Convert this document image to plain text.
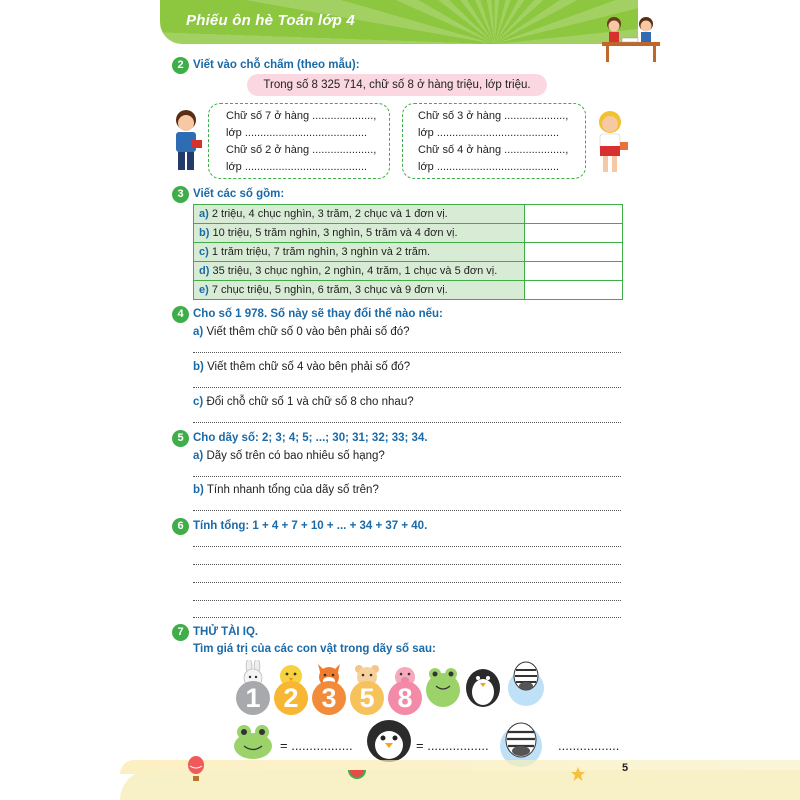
Phiếu ôn hè Toán lớp 4
2 Viết vào chỗ chấm (theo mẫu):
Trong số 8 325 714, chữ số 8 ở hàng triệu, lớp triệu.
Chữ số 7 ở hàng ....................,
lớp ........................................
Chữ số 2 ở hàng ....................,
lớp ........................................
Chữ số 3 ở hàng ....................,
lớp ........................................
Chữ số 4 ở hàng ....................,
lớp ........................................
3 Viết các số gồm:
a) 2 triệu, 4 chục nghìn, 3 trăm, 2 chục và 1 đơn vị.	
b) 10 triệu, 5 trăm nghìn, 3 nghìn, 5 trăm và 4 đơn vị.	
c) 1 trăm triệu, 7 trăm nghìn, 3 nghìn và 2 trăm.	
d) 35 triệu, 3 chục nghìn, 2 nghìn, 4 trăm, 1 chục và 5 đơn vị.	
e) 7 chục triệu, 5 nghìn, 6 trăm, 3 chục và 9 đơn vị.	
4 Cho số 1 978. Số này sẽ thay đổi thế nào nếu:
a) Viết thêm chữ số 0 vào bên phải số đó?
b) Viết thêm chữ số 4 vào bên phải số đó?
c) Đổi chỗ chữ số 1 và chữ số 8 cho nhau?
5 Cho dãy số: 2; 3; 4; 5; ...; 30; 31; 32; 33; 34.
a) Dãy số trên có bao nhiêu số hạng?
b) Tính nhanh tổng của dãy số trên?
6 Tính tổng: 1 + 4 + 7 + 10 + ... + 34 + 37 + 40.
7 THỬ TÀI IQ.
Tìm giá trị của các con vật trong dãy số sau:
1 2 3 5 8
= .................	= .................	.................
5
